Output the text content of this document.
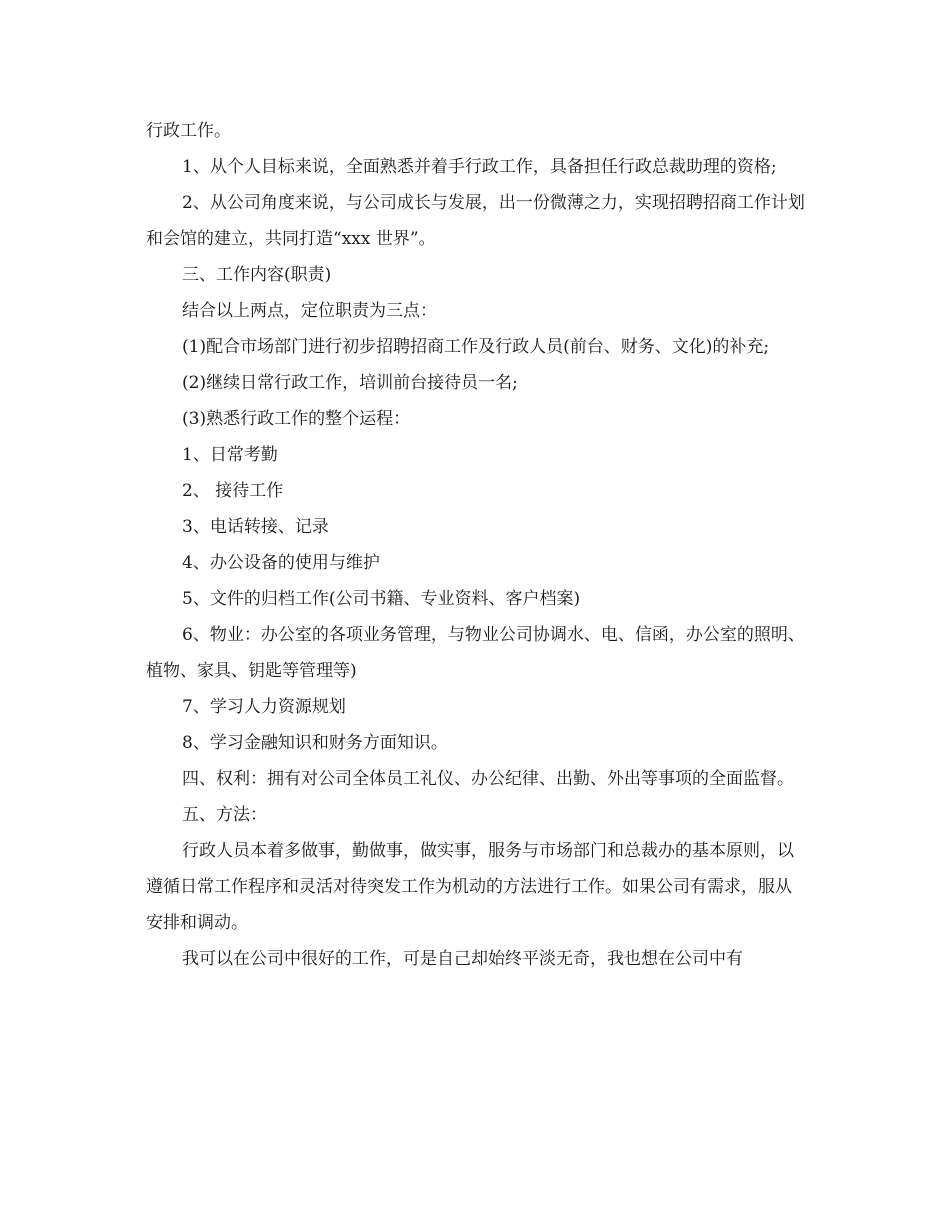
行政工作。

1、从个人目标来说，全面熟悉并着手行政工作，具备担任行政总裁助理的资格;

2、从公司角度来说，与公司成长与发展，出一份微薄之力，实现招聘招商工作计划和会馆的建立，共同打造“xxx 世界”。

三、工作内容(职责)

结合以上两点，定位职责为三点：

(1)配合市场部门进行初步招聘招商工作及行政人员(前台、财务、文化)的补充;

(2)继续日常行政工作，培训前台接待员一名;

(3)熟悉行政工作的整个运程：

1、日常考勤

2、 接待工作

3、电话转接、记录

4、办公设备的使用与维护

5、文件的归档工作(公司书籍、专业资料、客户档案)

6、物业：办公室的各项业务管理，与物业公司协调水、电、信函，办公室的照明、植物、家具、钥匙等管理等)

7、学习人力资源规划

8、学习金融知识和财务方面知识。

四、权利：拥有对公司全体员工礼仪、办公纪律、出勤、外出等事项的全面监督。

五、方法：

行政人员本着多做事，勤做事，做实事，服务与市场部门和总裁办的基本原则，以遵循日常工作程序和灵活对待突发工作为机动的方法进行工作。如果公司有需求，服从安排和调动。

我可以在公司中很好的工作，可是自己却始终平淡无奇，我也想在公司中有
